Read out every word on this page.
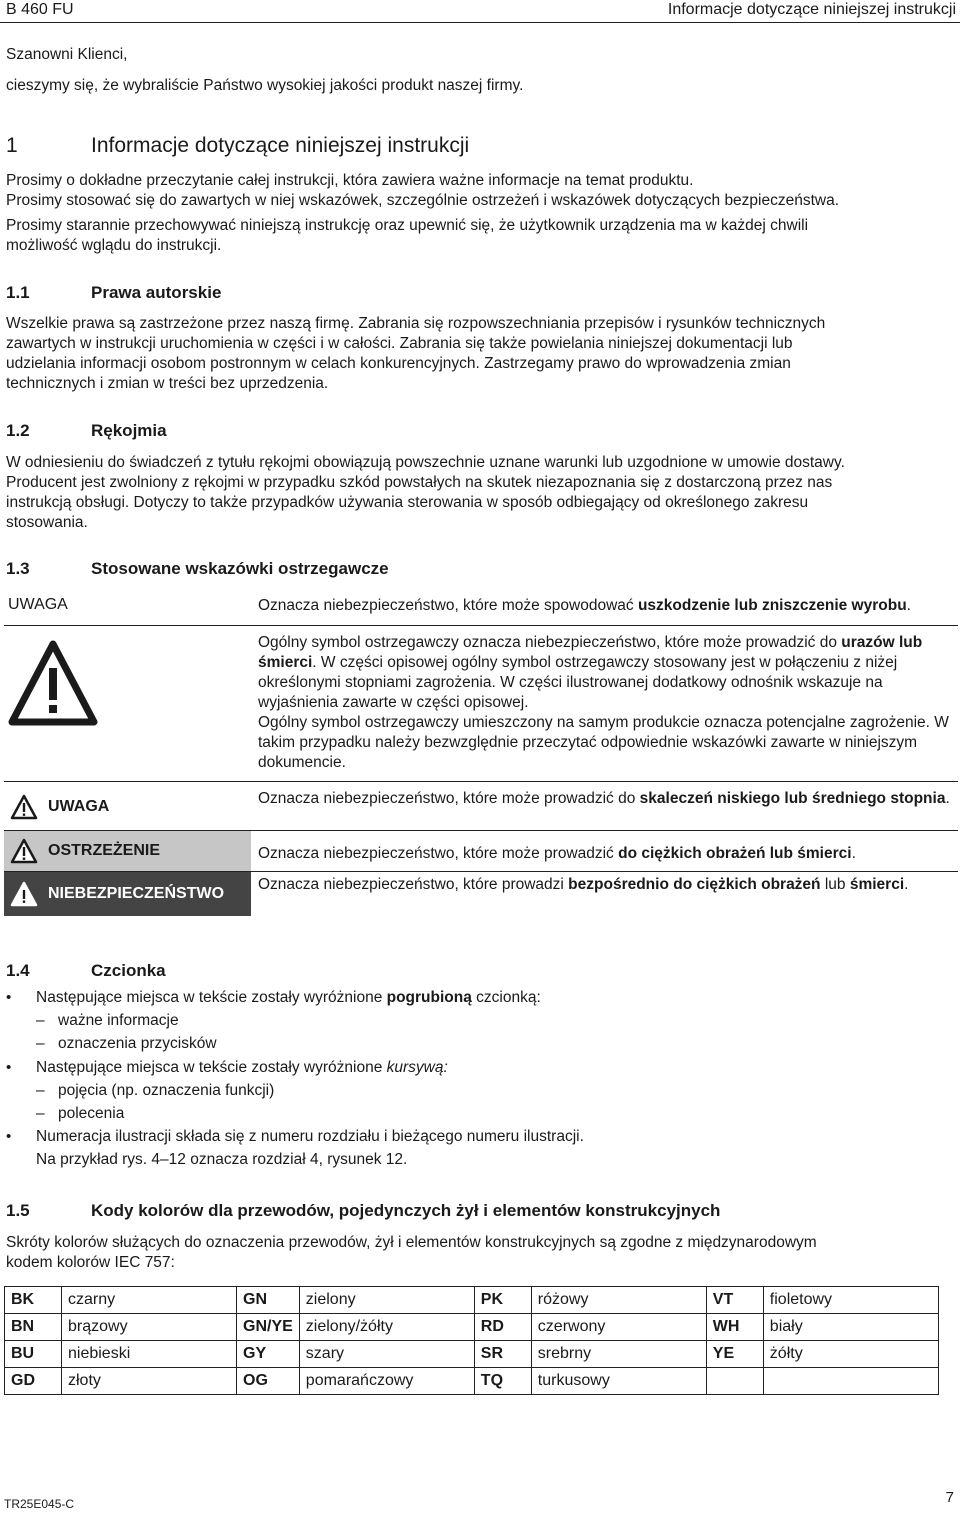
B 460 FU	Informacje dotyczące niniejszej instrukcji

Szanowni Klienci,

cieszymy się, że wybraliście Państwo wysokiej jakości produkt naszej firmy.

1	Informacje dotyczące niniejszej instrukcji

Prosimy o dokładne przeczytanie całej instrukcji, która zawiera ważne informacje na temat produktu.

Prosimy stosować się do zawartych w niej wskazówek, szczególnie ostrzeżeń i wskazówek dotyczących bezpieczeństwa.

Prosimy starannie przechowywać niniejszą instrukcję oraz upewnić się, że użytkownik urządzenia ma w każdej chwili

możliwość wglądu do instrukcji.

1.1	Prawa autorskie

Wszelkie prawa są zastrzeżone przez naszą firmę. Zabrania się rozpowszechniania przepisów i rysunków technicznych

zawartych w instrukcji uruchomienia w części i w całości. Zabrania się także powielania niniejszej dokumentacji lub

udzielania informacji osobom postronnym w celach konkurencyjnych. Zastrzegamy prawo do wprowadzenia zmian

technicznych i zmian w treści bez uprzedzenia.

1.2	Rękojmia

W odniesieniu do świadczeń z tytułu rękojmi obowiązują powszechnie uznane warunki lub uzgodnione w umowie dostawy.

Producent jest zwolniony z rękojmi w przypadku szkód powstałych na skutek niezapoznania się z dostarczoną przez nas

instrukcją obsługi. Dotyczy to także przypadków używania sterowania w sposób odbiegający od określonego zakresu

stosowania.

1.3	Stosowane wskazówki ostrzegawcze
UWAGA	Oznacza niebezpieczeństwo, które może spowodować uszkodzenie lub zniszczenie wyrobu.
	Ogólny symbol ostrzegawczy oznacza niebezpieczeństwo, które może prowadzić do urazów lub śmierci. W części opisowej ogólny symbol ostrzegawczy stosowany jest w połączeniu z niżej określonymi stopniami zagrożenia. W części ilustrowanej dodatkowy odnośnik wskazuje na wyjaśnienia zawarte w części opisowej.
Ogólny symbol ostrzegawczy umieszczony na samym produkcie oznacza potencjalne zagrożenie. W takim przypadku należy bezwzględnie przeczytać odpowiednie wskazówki zawarte w niniejszym dokumencie.

UWAGA	Oznacza niebezpieczeństwo, które może prowadzić do skaleczeń niskiego lub średniego stopnia.

OSTRZEŻENIE	Oznacza niebezpieczeństwo, które może prowadzić do ciężkich obrażeń lub śmierci.

NIEBEZPIECZEŃSTWO	Oznacza niebezpieczeństwo, które prowadzi bezpośrednio do ciężkich obrażeń lub śmierci.
1.4	Czcionka
•	Następujące miejsca w tekście zostały wyróżnione pogrubioną czcionką:
– ważne informacje
– oznaczenia przycisków
•	Następujące miejsca w tekście zostały wyróżnione kursywą:
– pojęcia (np. oznaczenia funkcji)
– polecenia
•	Numeracja ilustracji składa się z numeru rozdziału i bieżącego numeru ilustracji.
Na przykład rys. 4–12 oznacza rozdział 4, rysunek 12.
1.5	Kody kolorów dla przewodów, pojedynczych żył i elementów konstrukcyjnych

Skróty kolorów służących do oznaczenia przewodów, żył i elementów konstrukcyjnych są zgodne z międzynarodowym

kodem kolorów IEC 757:

BK	czarny	GN	zielony	PK	różowy	VT	fioletowy
BN	brązowy	GN/YE	zielony/żółty	RD	czerwony	WH	biały
BU	niebieski	GY	szary	SR	srebrny	YE	żółty
GD	złoty	OG	pomarańczowy	TQ	turkusowy		
TR25E045-C	7
